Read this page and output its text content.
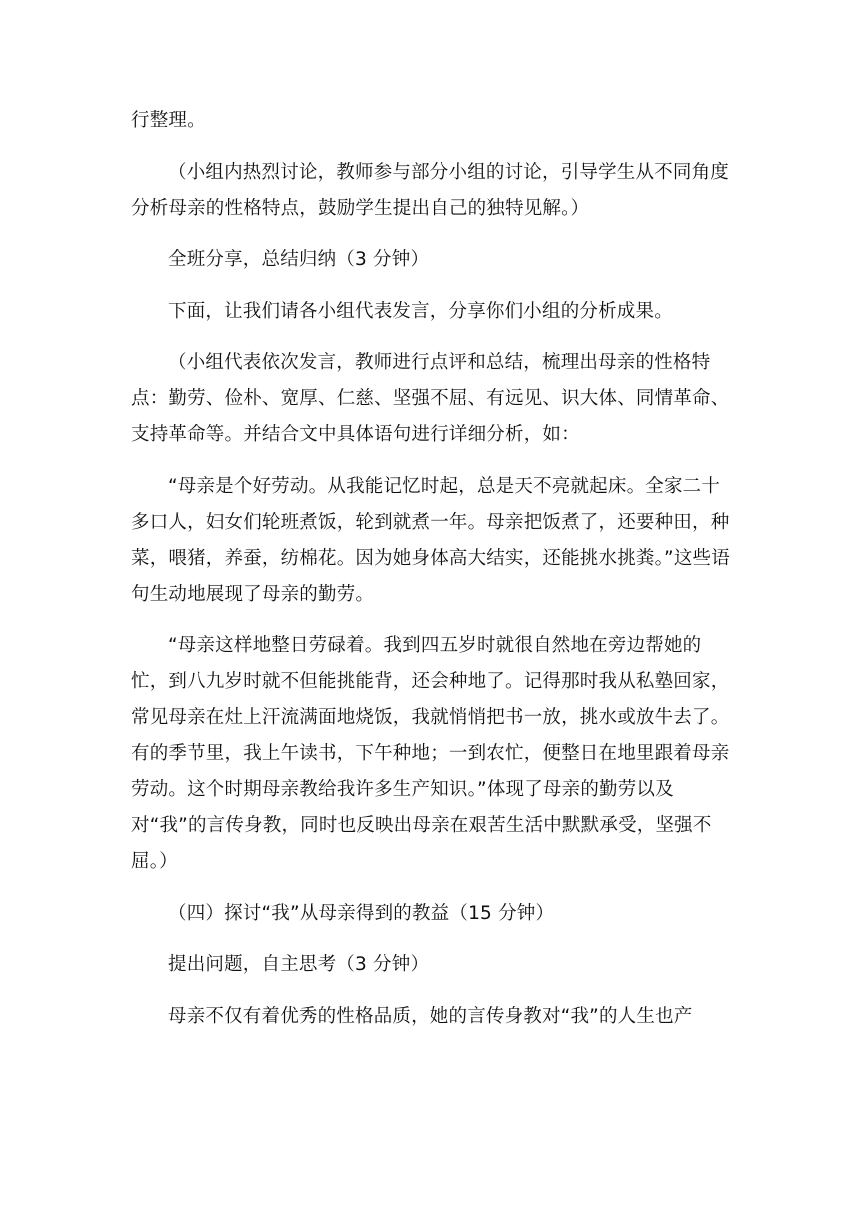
行整理。

（小组内热烈讨论，教师参与部分小组的讨论，引导学生从不同角度分析母亲的性格特点，鼓励学生提出自己的独特见解。）

全班分享，总结归纳（3 分钟）

下面，让我们请各小组代表发言，分享你们小组的分析成果。

（小组代表依次发言，教师进行点评和总结，梳理出母亲的性格特点：勤劳、俭朴、宽厚、仁慈、坚强不屈、有远见、识大体、同情革命、支持革命等。并结合文中具体语句进行详细分析，如：

“母亲是个好劳动。从我能记忆时起，总是天不亮就起床。全家二十多口人，妇女们轮班煮饭，轮到就煮一年。母亲把饭煮了，还要种田，种菜，喂猪，养蚕，纺棉花。因为她身体高大结实，还能挑水挑粪。”这些语句生动地展现了母亲的勤劳。

“母亲这样地整日劳碌着。我到四五岁时就很自然地在旁边帮她的忙，到八九岁时就不但能挑能背，还会种地了。记得那时我从私塾回家，常见母亲在灶上汗流满面地烧饭，我就悄悄把书一放，挑水或放牛去了。有的季节里，我上午读书，下午种地；一到农忙，便整日在地里跟着母亲劳动。这个时期母亲教给我许多生产知识。”体现了母亲的勤劳以及对“我”的言传身教，同时也反映出母亲在艰苦生活中默默承受，坚强不屈。）

（四）探讨“我”从母亲得到的教益（15 分钟）

提出问题，自主思考（3 分钟）

母亲不仅有着优秀的性格品质，她的言传身教对“我”的人生也产
